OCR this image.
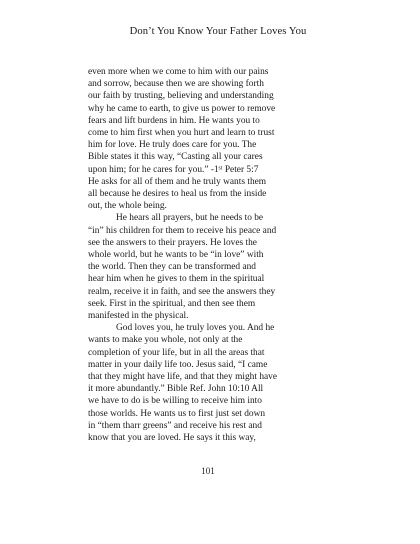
Don’t You Know Your Father Loves You

even more when we come to him with our pains
and sorrow, because then we are showing forth
our faith by trusting, believing and understanding
why he came to earth, to give us power to remove
fears and lift burdens in him. He wants you to
come to him first when you hurt and learn to trust
him for love. He truly does care for you. The
Bible states it this way, “Casting all your cares
upon him; for he cares for you.” -1ˢᵗ Peter 5:7
He asks for all of them and he truly wants them
all because he desires to heal us from the inside
out, the whole being.

He hears all prayers, but he needs to be
“in” his children for them to receive his peace and
see the answers to their prayers. He loves the
whole world, but he wants to be “in love” with
the world. Then they can be transformed and
hear him when he gives to them in the spiritual
realm, receive it in faith, and see the answers they
seek. First in the spiritual, and then see them
manifested in the physical.

God loves you, he truly loves you. And he
wants to make you whole, not only at the
completion of your life, but in all the areas that
matter in your daily life too. Jesus said, “I came
that they might have life, and that they might have
it more abundantly.” Bible Ref. John 10:10 All
we have to do is be willing to receive him into
those worlds. He wants us to first just set down
in “them tharr greens” and receive his rest and
know that you are loved. He says it this way,

101
